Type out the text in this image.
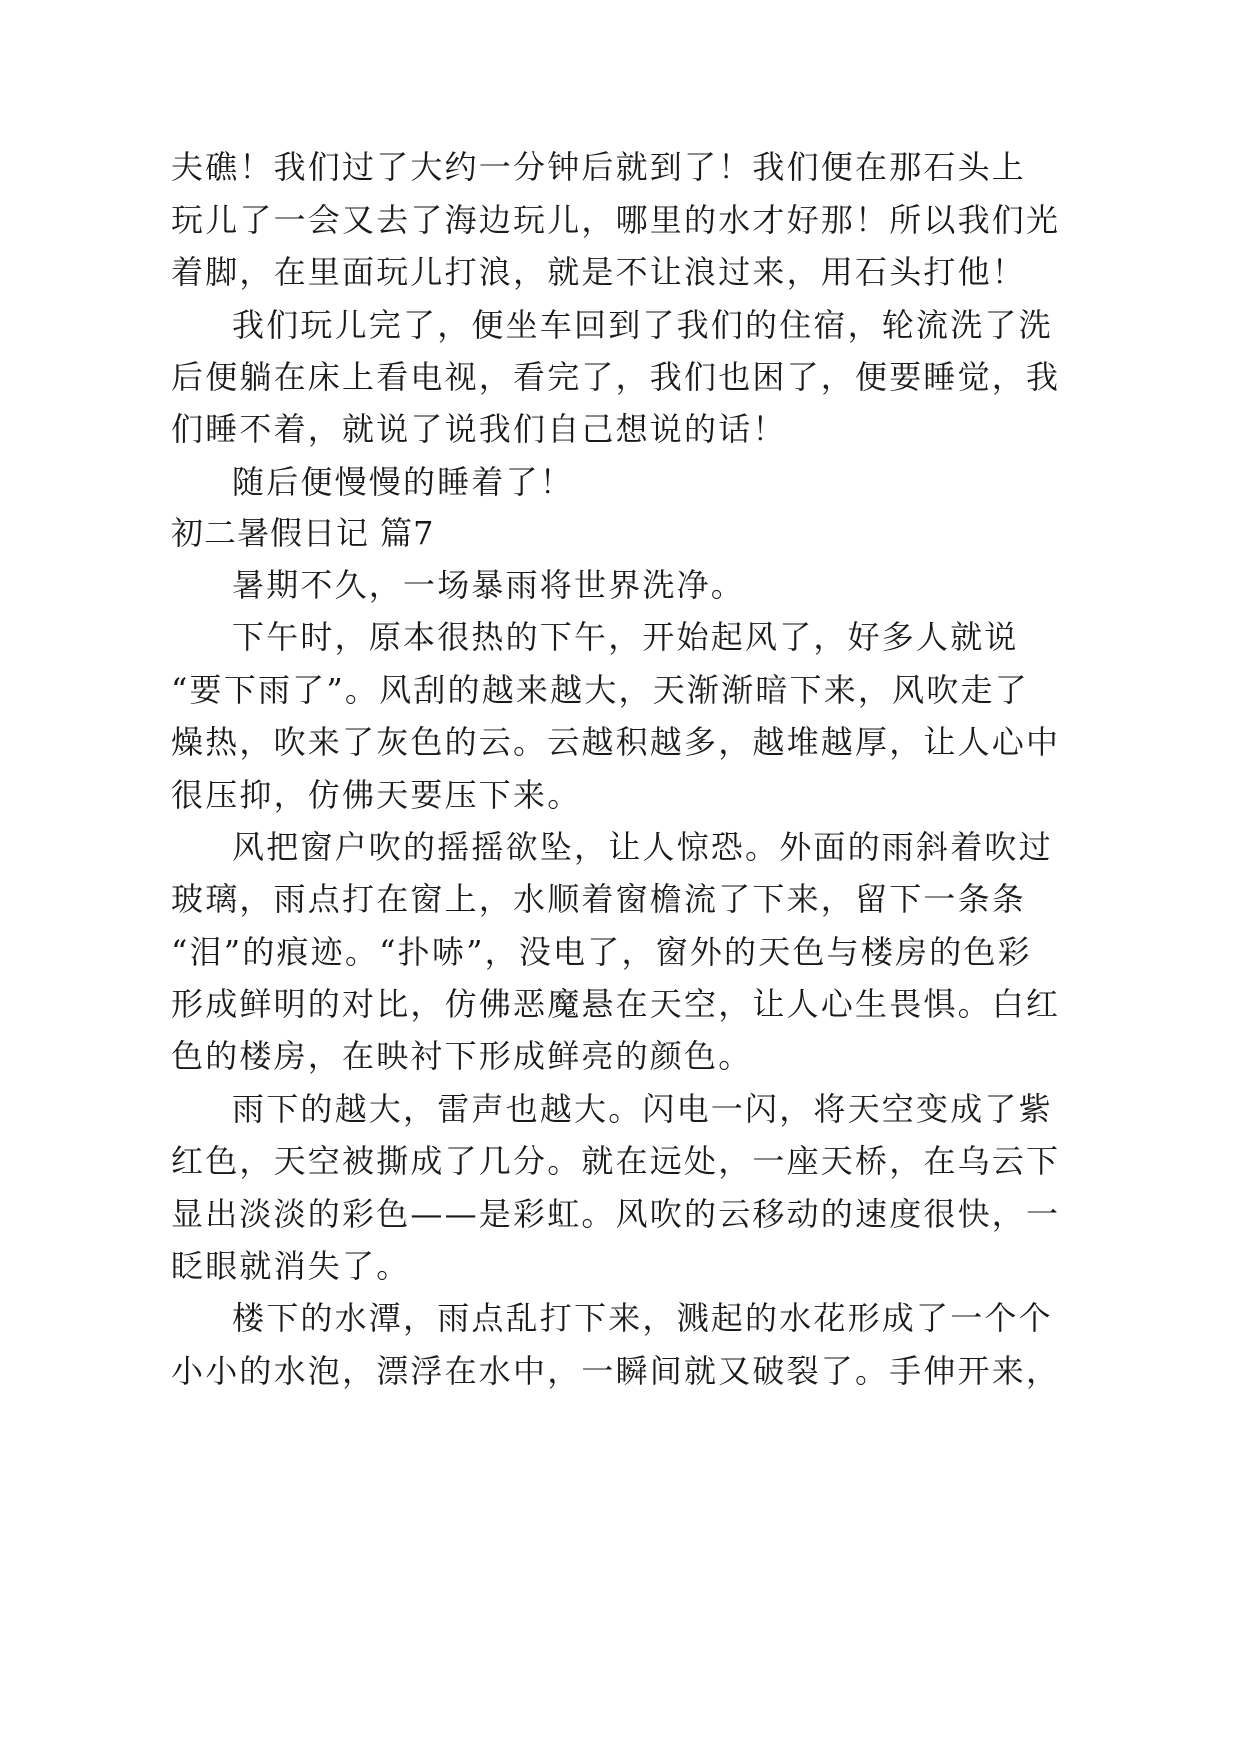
夫礁！我们过了大约一分钟后就到了！我们便在那石头上
玩儿了一会又去了海边玩儿，哪里的水才好那！所以我们光
着脚，在里面玩儿打浪，就是不让浪过来，用石头打他！
我们玩儿完了，便坐车回到了我们的住宿，轮流洗了洗
后便躺在床上看电视，看完了，我们也困了，便要睡觉，我
们睡不着，就说了说我们自己想说的话！
随后便慢慢的睡着了！
初二暑假日记 篇7
暑期不久，一场暴雨将世界洗净。
下午时，原本很热的下午，开始起风了，好多人就说
“要下雨了”。风刮的越来越大，天渐渐暗下来，风吹走了
燥热，吹来了灰色的云。云越积越多，越堆越厚，让人心中
很压抑，仿佛天要压下来。
风把窗户吹的摇摇欲坠，让人惊恐。外面的雨斜着吹过
玻璃，雨点打在窗上，水顺着窗檐流了下来，留下一条条
“泪”的痕迹。“扑哧”，没电了，窗外的天色与楼房的色彩
形成鲜明的对比，仿佛恶魔悬在天空，让人心生畏惧。白红
色的楼房，在映衬下形成鲜亮的颜色。
雨下的越大，雷声也越大。闪电一闪，将天空变成了紫
红色，天空被撕成了几分。就在远处，一座天桥，在乌云下
显出淡淡的彩色——是彩虹。风吹的云移动的速度很快，一
眨眼就消失了。
楼下的水潭，雨点乱打下来，溅起的水花形成了一个个
小小的水泡，漂浮在水中，一瞬间就又破裂了。手伸开来，
